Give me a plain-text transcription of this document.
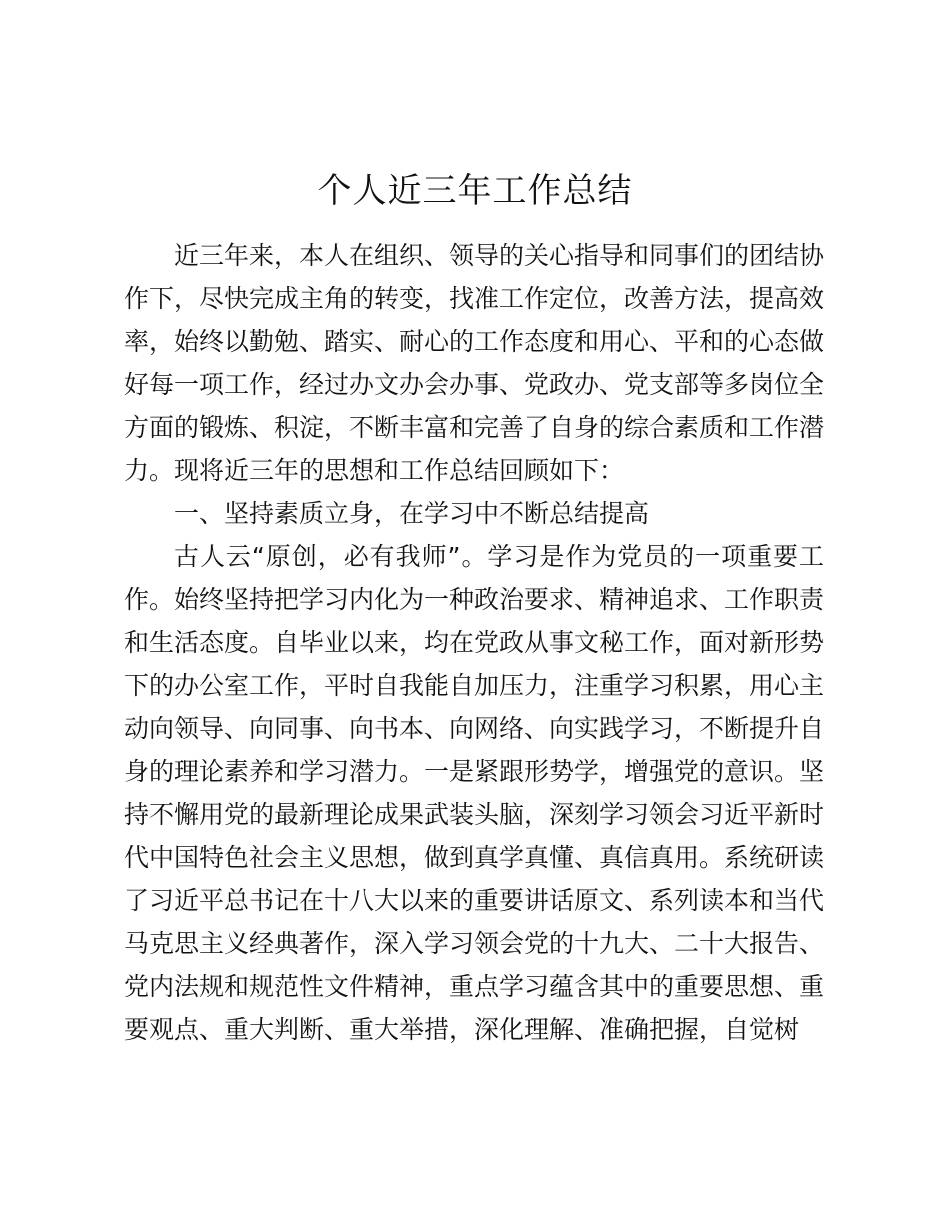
个人近三年工作总结
近三年来，本人在组织、领导的关心指导和同事们的团结协
作下，尽快完成主角的转变，找准工作定位，改善方法，提高效
率，始终以勤勉、踏实、耐心的工作态度和用心、平和的心态做
好每一项工作，经过办文办会办事、党政办、党支部等多岗位全
方面的锻炼、积淀，不断丰富和完善了自身的综合素质和工作潜
力。现将近三年的思想和工作总结回顾如下：
一、坚持素质立身，在学习中不断总结提高
古人云“原创，必有我师”。学习是作为党员的一项重要工
作。始终坚持把学习内化为一种政治要求、精神追求、工作职责
和生活态度。自毕业以来，均在党政从事文秘工作，面对新形势
下的办公室工作，平时自我能自加压力，注重学习积累，用心主
动向领导、向同事、向书本、向网络、向实践学习，不断提升自
身的理论素养和学习潜力。一是紧跟形势学，增强党的意识。坚
持不懈用党的最新理论成果武装头脑，深刻学习领会习近平新时
代中国特色社会主义思想，做到真学真懂、真信真用。系统研读
了习近平总书记在十八大以来的重要讲话原文、系列读本和当代
马克思主义经典著作，深入学习领会党的十九大、二十大报告、
党内法规和规范性文件精神，重点学习蕴含其中的重要思想、重
要观点、重大判断、重大举措，深化理解、准确把握，自觉树
